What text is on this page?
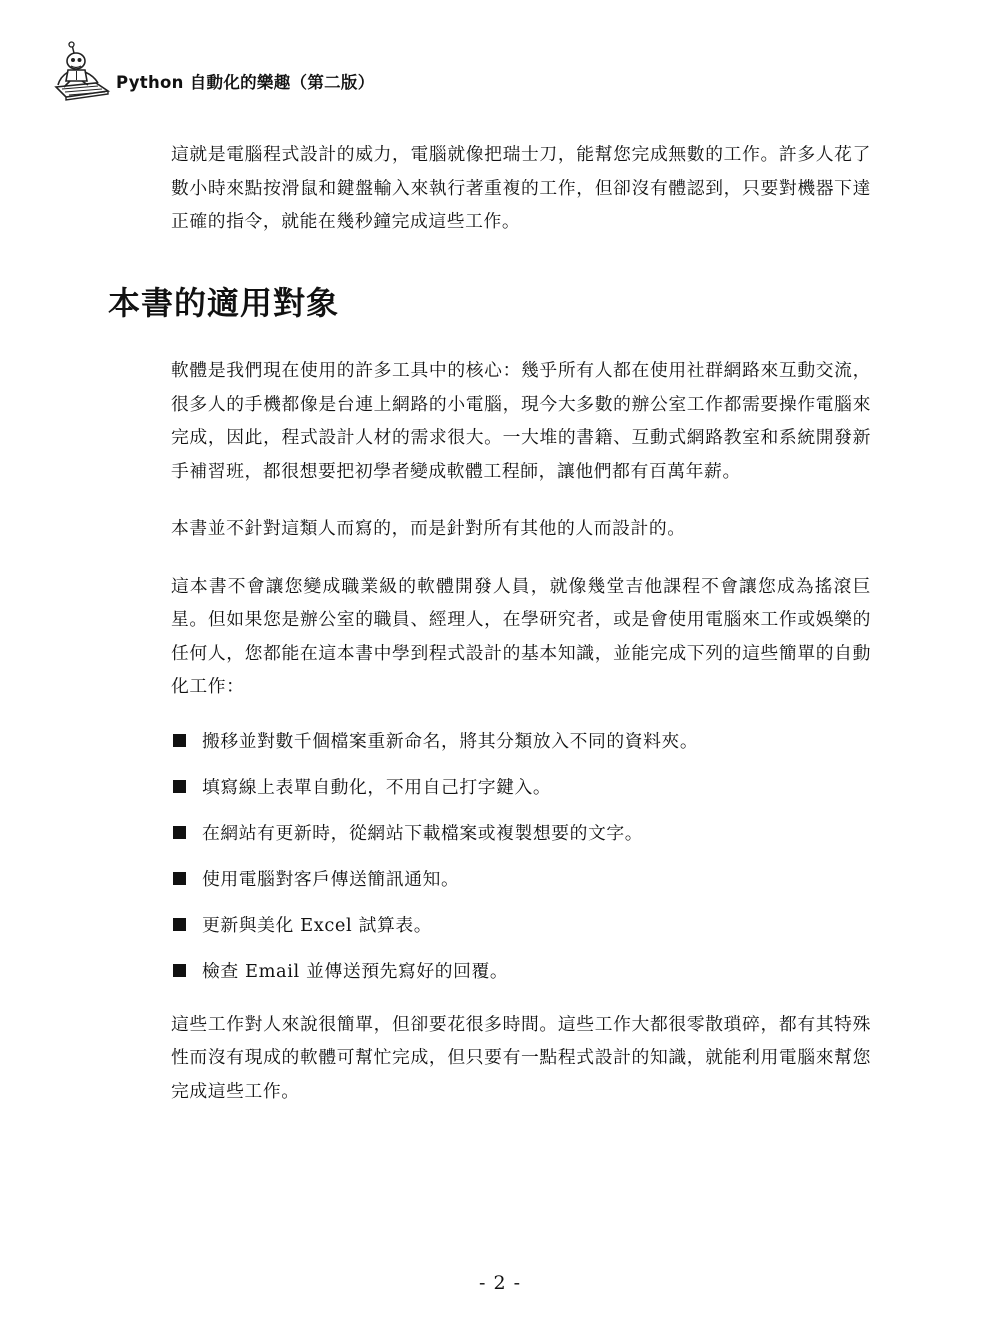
Python 自動化的樂趣（第二版）

這就是電腦程式設計的威力，電腦就像把瑞士刀，能幫您完成無數的工作。許多人花了數小時來點按滑鼠和鍵盤輸入來執行著重複的工作，但卻沒有體認到，只要對機器下達正確的指令，就能在幾秒鐘完成這些工作。

本書的適用對象

軟體是我們現在使用的許多工具中的核心：幾乎所有人都在使用社群網路來互動交流，很多人的手機都像是台連上網路的小電腦，現今大多數的辦公室工作都需要操作電腦來完成，因此，程式設計人材的需求很大。一大堆的書籍、互動式網路教室和系統開發新手補習班，都很想要把初學者變成軟體工程師，讓他們都有百萬年薪。

本書並不針對這類人而寫的，而是針對所有其他的人而設計的。

這本書不會讓您變成職業級的軟體開發人員，就像幾堂吉他課程不會讓您成為搖滾巨星。但如果您是辦公室的職員、經理人，在學研究者，或是會使用電腦來工作或娛樂的任何人，您都能在這本書中學到程式設計的基本知識，並能完成下列的這些簡單的自動化工作：

搬移並對數千個檔案重新命名，將其分類放入不同的資料夾。
填寫線上表單自動化，不用自己打字鍵入。
在網站有更新時，從網站下載檔案或複製想要的文字。
使用電腦對客戶傳送簡訊通知。
更新與美化 Excel 試算表。
檢查 Email 並傳送預先寫好的回覆。

這些工作對人來說很簡單，但卻要花很多時間。這些工作大都很零散瑣碎，都有其特殊性而沒有現成的軟體可幫忙完成，但只要有一點程式設計的知識，就能利用電腦來幫您完成這些工作。

- 2 -
